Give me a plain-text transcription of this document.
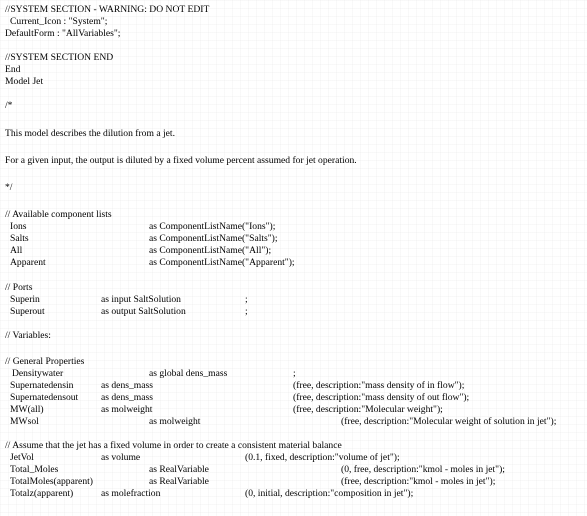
//SYSTEM SECTION - WARNING: DO NOT EDIT
Current_Icon : "System";
DefaultForm : "AllVariables";
//SYSTEM SECTION END
End
Model Jet
/*
This model describes the dilution from a jet.
For a given input, the output is diluted by a fixed volume percent assumed for jet operation.
*/
// Available component lists
Ions	as ComponentListName("Ions");
Salts	as ComponentListName("Salts");
All	as ComponentListName("All");
Apparent	as ComponentListName("Apparent");
// Ports
Superin	as input SaltSolution	;
Superout	as output SaltSolution	;
// Variables:
// General Properties
Densitywater	as global dens_mass	;
Supernatedensin	as dens_mass	(free, description:"mass density of in flow");
Supernatedensout as dens_mass	(free, description:"mass density of out flow");
MW(all)	as molweight	(free, description:"Molecular weight");
MWsol	as molweight	(free, description:"Molecular weight of solution in jet");
// Assume that the jet has a fixed volume in order to create a consistent material balance
JetVol	as volume	(0.1, fixed, description:"volume of jet");
Total_Moles	as RealVariable	(0, free, description:"kmol - moles in jet");
TotalMoles(apparent)	as RealVariable	(free, description:"kmol - moles in jet");
Totalz(apparent)	as molefraction	(0, initial, description:"composition in jet");
